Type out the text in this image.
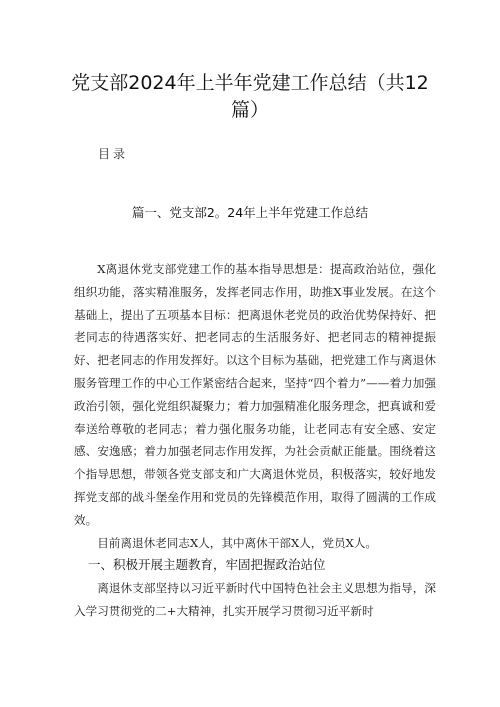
党支部2024年上半年党建工作总结（共12篇）
目录
篇一、党支部2。24年上半年党建工作总结

X离退休党支部党建工作的基本指导思想是：提高政治站位，强化组织功能，落实精准服务，发挥老同志作用，助推X事业发展。在这个基础上，提出了五项基本目标：把离退休老党员的政治优势保持好、把老同志的待遇落实好、把老同志的生活服务好、把老同志的精神提振好、把老同志的作用发挥好。以这个目标为基础，把党建工作与离退休服务管理工作的中心工作紧密结合起来，坚持“四个着力”——着力加强政治引领，强化党组织凝聚力；着力加强精准化服务理念，把真诚和爱奉送给尊敬的老同志；着力强化服务功能，让老同志有安全感、安定感、安逸感；着力加强老同志作用发挥，为社会贡献正能量。围绕着这个指导思想，带领各党支部支和广大离退休党员，积极落实，较好地发挥党支部的战斗堡垒作用和党员的先锋模范作用，取得了圆满的工作成效。

目前离退休老同志X人，其中离休干部X人，党员X人。

一、积极开展主题教育，牢固把握政治站位

离退休支部坚持以习近平新时代中国特色社会主义思想为指导，深入学习贯彻党的二+大精神，扎实开展学习贯彻习近平新时
